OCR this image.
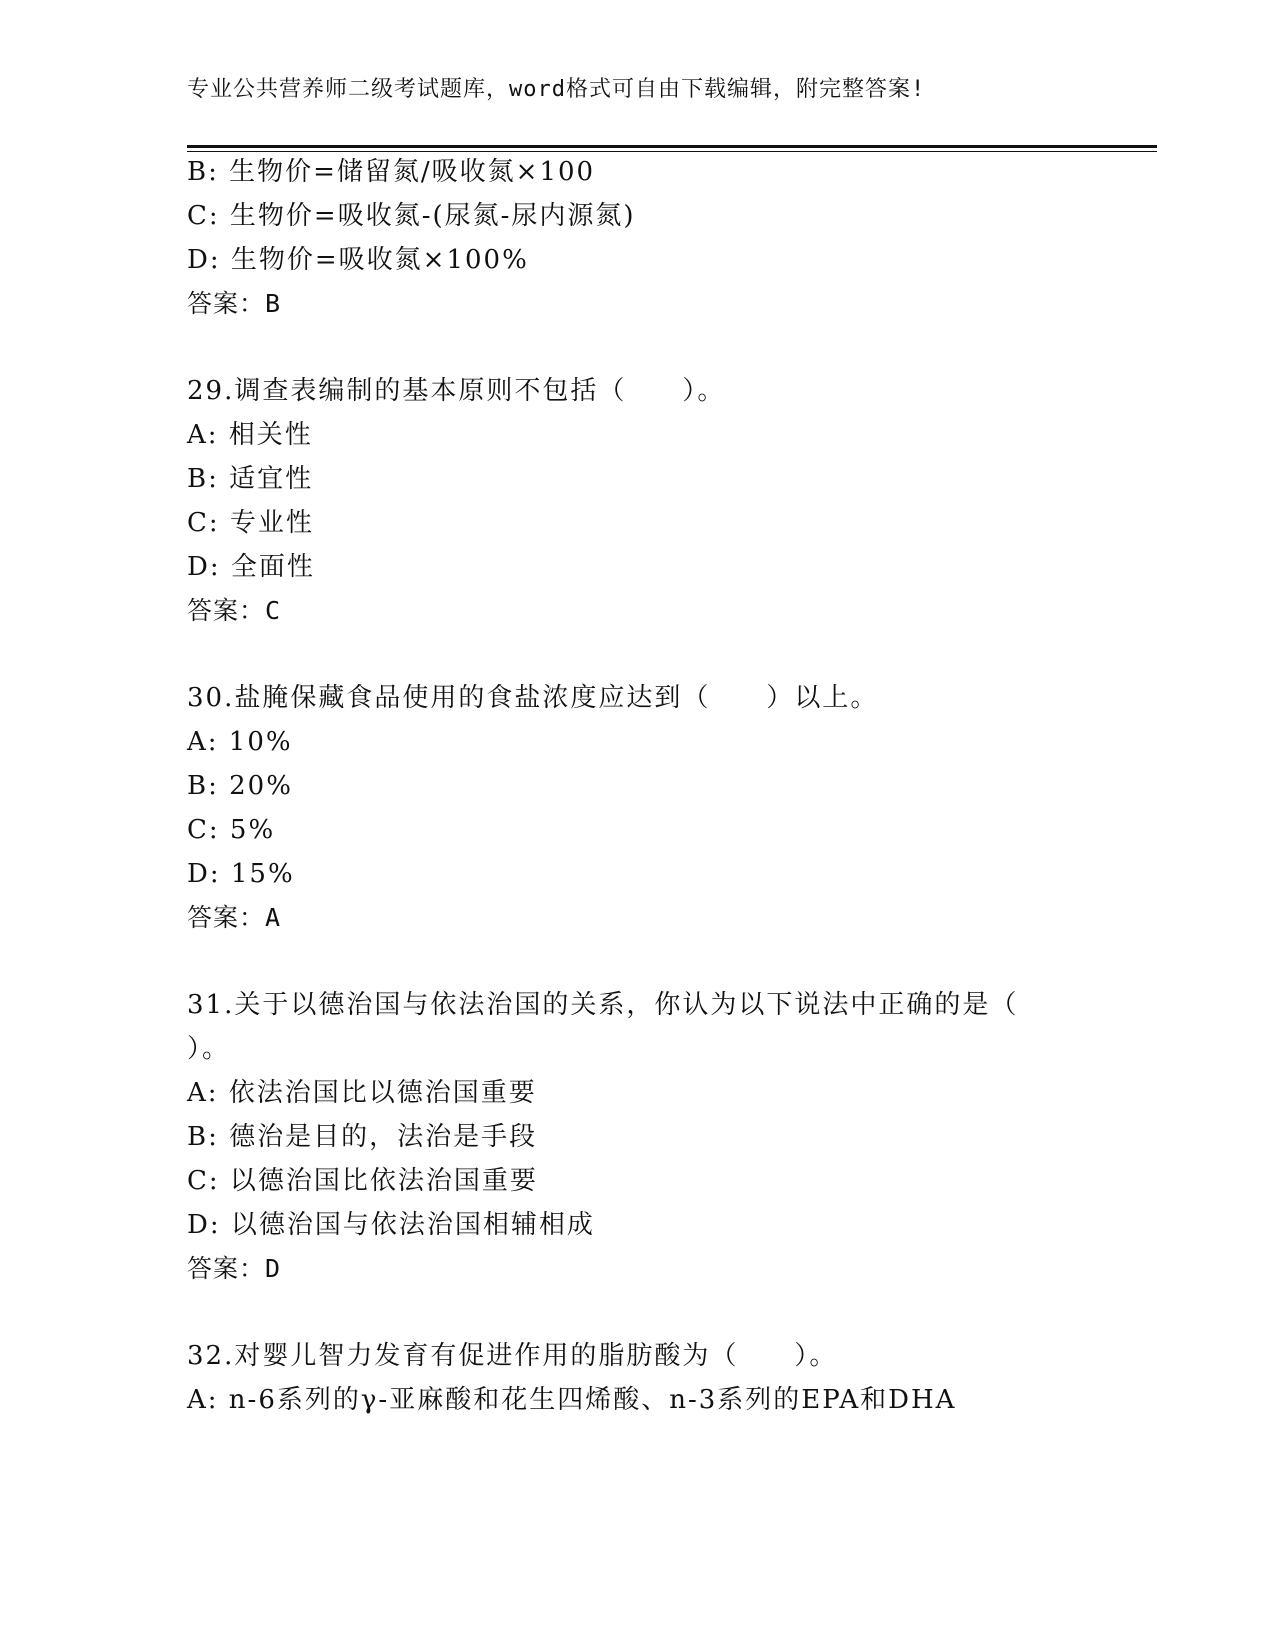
专业公共营养师二级考试题库，word格式可自由下载编辑，附完整答案!
B: 生物价=储留氮/吸收氮×100
C: 生物价=吸收氮-(尿氮-尿内源氮)
D: 生物价=吸收氮×100%
答案：B
29.调查表编制的基本原则不包括（　　）。
A: 相关性
B: 适宜性
C: 专业性
D: 全面性
答案：C
30.盐腌保藏食品使用的食盐浓度应达到（　　）以上。
A: 10%
B: 20%
C: 5%
D: 15%
答案：A
31.关于以德治国与依法治国的关系，你认为以下说法中正确的是（
）。
A: 依法治国比以德治国重要
B: 德治是目的，法治是手段
C: 以德治国比依法治国重要
D: 以德治国与依法治国相辅相成
答案：D
32.对婴儿智力发育有促进作用的脂肪酸为（　　）。
A: n-6系列的γ-亚麻酸和花生四烯酸、n-3系列的EPA和DHA
